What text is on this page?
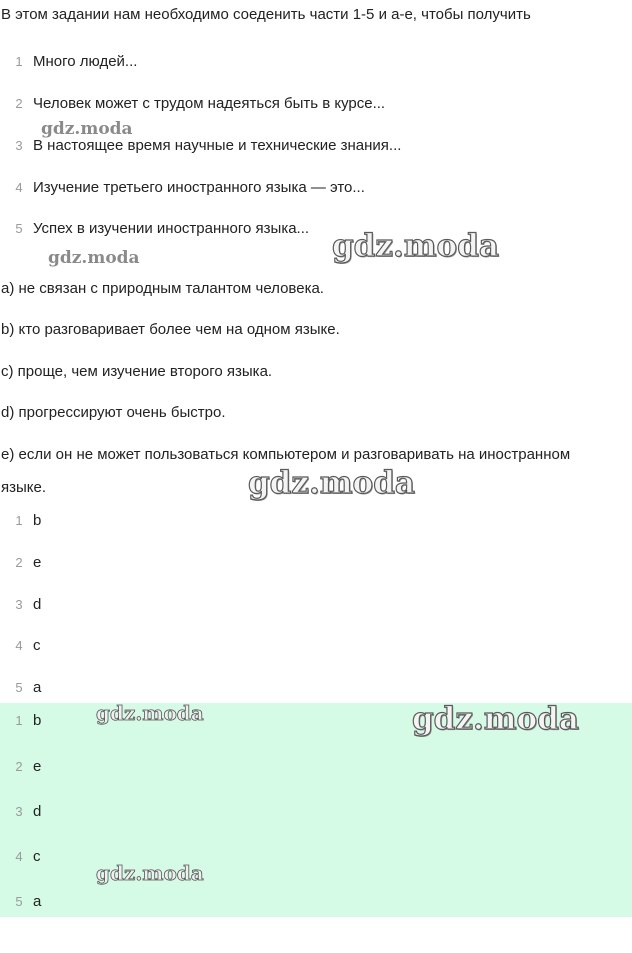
В этом задании нам необходимо соеденить части 1-5 и a-e, чтобы получить
1 Много людей...
2 Человек может с трудом надеяться быть в курсе...
3 В настоящее время научные и технические знания...
4 Изучение третьего иностранного языка — это...
5 Успех в изучении иностранного языка...
a) не связан с природным талантом человека.
b) кто разговаривает более чем на одном языке.
c) проще, чем изучение второго языка.
d) прогрессируют очень быстро.
e) если он не может пользоваться компьютером и разговаривать на иностранном языке.
1 b
2 e
3 d
4 c
5 a
1 b
2 e
3 d
4 c
5 a
gdz.moda
gdz.moda	gdz.moda
gdz.moda
gdz.moda	gdz.moda
gdz.moda
